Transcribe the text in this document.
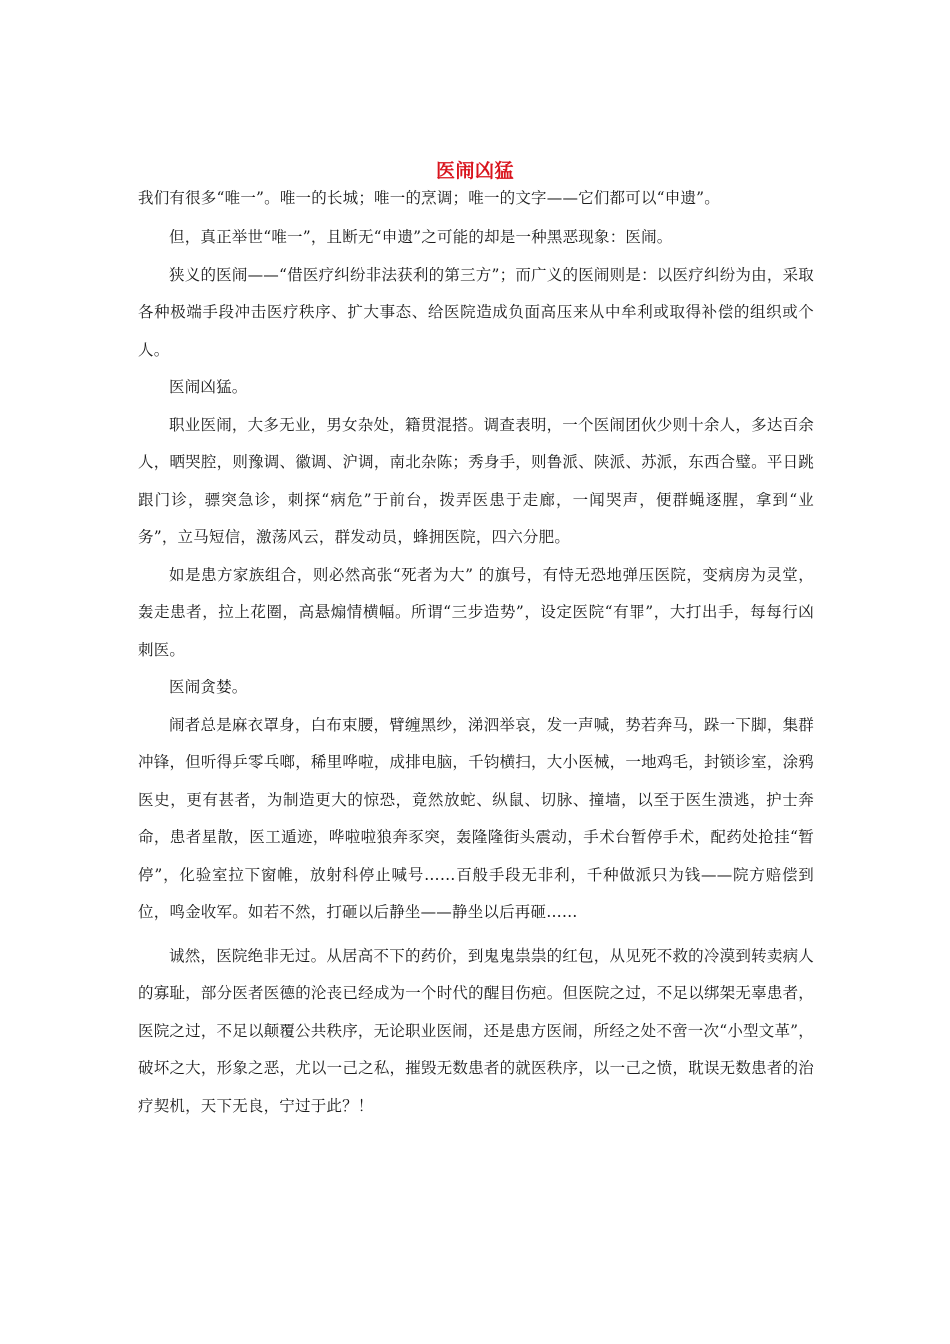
医闹凶猛

我们有很多“唯一”。唯一的长城；唯一的烹调；唯一的文字——它们都可以“申遗”。

但，真正举世“唯一”，且断无“申遗”之可能的却是一种黑恶现象：医闹。

狭义的医闹——“借医疗纠纷非法获利的第三方”；而广义的医闹则是：以医疗纠纷为由，采取各种极端手段冲击医疗秩序、扩大事态、给医院造成负面高压来从中牟利或取得补偿的组织或个人。

医闹凶猛。

职业医闹，大多无业，男女杂处，籍贯混搭。调查表明，一个医闹团伙少则十余人，多达百余人，晒哭腔，则豫调、徽调、沪调，南北杂陈；秀身手，则鲁派、陕派、苏派，东西合璧。平日跳跟门诊，骠突急诊，刺探“病危”于前台，拨弄医患于走廊，一闻哭声，便群蝇逐腥，拿到“业务”，立马短信，激荡风云，群发动员，蜂拥医院，四六分肥。

如是患方家族组合，则必然高张“死者为大” 的旗号，有恃无恐地弹压医院，变病房为灵堂，轰走患者，拉上花圈，高悬煽情横幅。所谓“三步造势”，设定医院“有罪”，大打出手，每每行凶刺医。

医闹贪婪。

闹者总是麻衣罩身，白布束腰，臂缠黑纱，涕泗举哀，发一声喊，势若奔马，跺一下脚，集群冲锋，但听得乒零乓啷，稀里哗啦，成排电脑，千钧横扫，大小医械，一地鸡毛，封锁诊室，涂鸦医史，更有甚者，为制造更大的惊恐，竟然放蛇、纵鼠、切脉、撞墙，以至于医生溃逃，护士奔命，患者星散，医工遁迹，哗啦啦狼奔豕突，轰隆隆街头震动，手术台暂停手术，配药处抢挂“暂停”，化验室拉下窗帷，放射科停止喊号……百般手段无非利，千种做派只为钱——院方赔偿到位，鸣金收军。如若不然，打砸以后静坐——静坐以后再砸……

诚然，医院绝非无过。从居高不下的药价，到鬼鬼祟祟的红包，从见死不救的冷漠到转卖病人的寡耻，部分医者医德的沦丧已经成为一个时代的醒目伤疤。但医院之过，不足以绑架无辜患者，医院之过，不足以颠覆公共秩序，无论职业医闹，还是患方医闹，所经之处不啻一次“小型文革”，破坏之大，形象之恶，尤以一己之私，摧毁无数患者的就医秩序，以一己之愤，耽误无数患者的治疗契机，天下无良，宁过于此？！
